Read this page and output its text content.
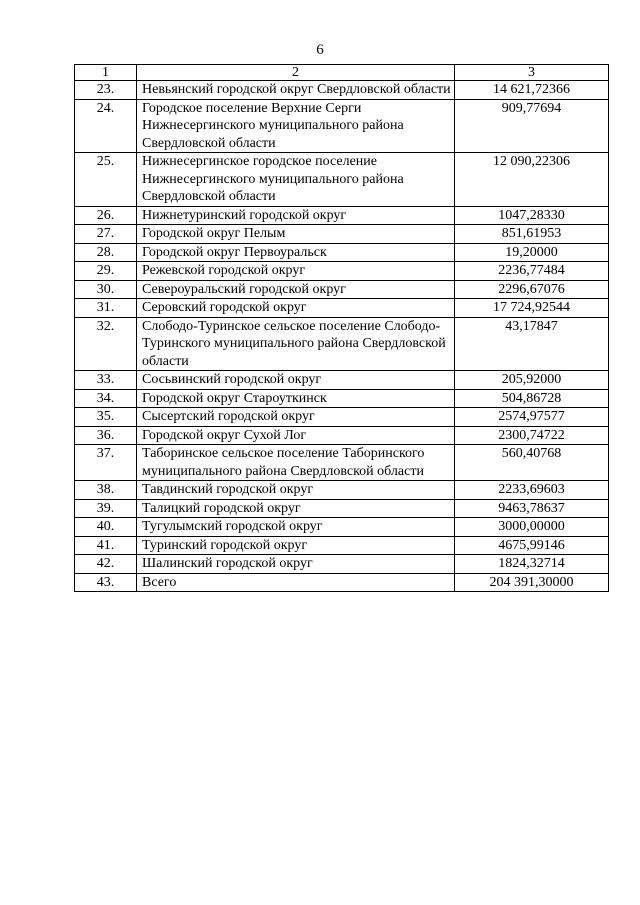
6
1	2	3
23.	Невьянский городской округ Свердловской области	14 621,72366
24.	Городское поселение Верхние Серги Нижнесергинского муниципального района Свердловской области	909,77694
25.	Нижнесергинское городское поселение Нижнесергинского муниципального района Свердловской области	12 090,22306
26.	Нижнетуринский городской округ	1047,28330
27.	Городской округ Пелым	851,61953
28.	Городской округ Первоуральск	19,20000
29.	Режевской городской округ	2236,77484
30.	Североуральский городской округ	2296,67076
31.	Серовский городской округ	17 724,92544
32.	Слободо-Туринское сельское поселение Слободо-Туринского муниципального района Свердловской области	43,17847
33.	Сосьвинский городской округ	205,92000
34.	Городской округ Староуткинск	504,86728
35.	Сысертский городской округ	2574,97577
36.	Городской округ Сухой Лог	2300,74722
37.	Таборинское сельское поселение Таборинского муниципального района Свердловской области	560,40768
38.	Тавдинский городской округ	2233,69603
39.	Талицкий городской округ	9463,78637
40.	Тугулымский городской округ	3000,00000
41.	Туринский городской округ	4675,99146
42.	Шалинский городской округ	1824,32714
43.	Всего	204 391,30000
